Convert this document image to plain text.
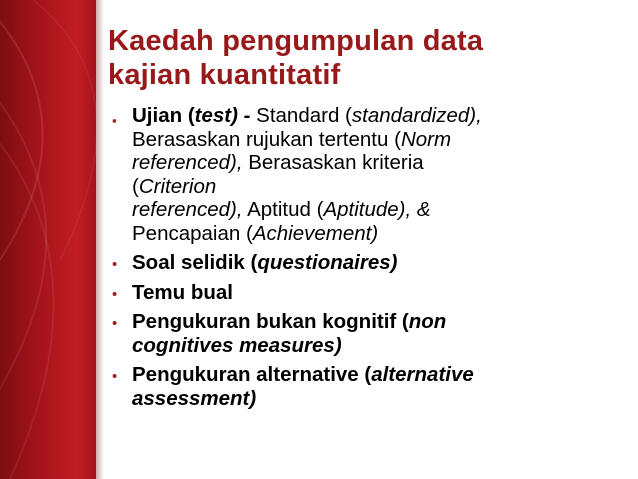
Kaedah pengumpulan data
kajian kuantitatif
▪ Ujian (test) - Standard (standardized),
Berasaskan rujukan tertentu (Norm
referenced), Berasaskan kriteria
(Criterion
referenced), Aptitud (Aptitude), &
Pencapaian (Achievement)
• Soal selidik (questionaires)
• Temu bual
• Pengukuran bukan kognitif (non
cognitives measures)
• Pengukuran alternative (alternative
assessment)
